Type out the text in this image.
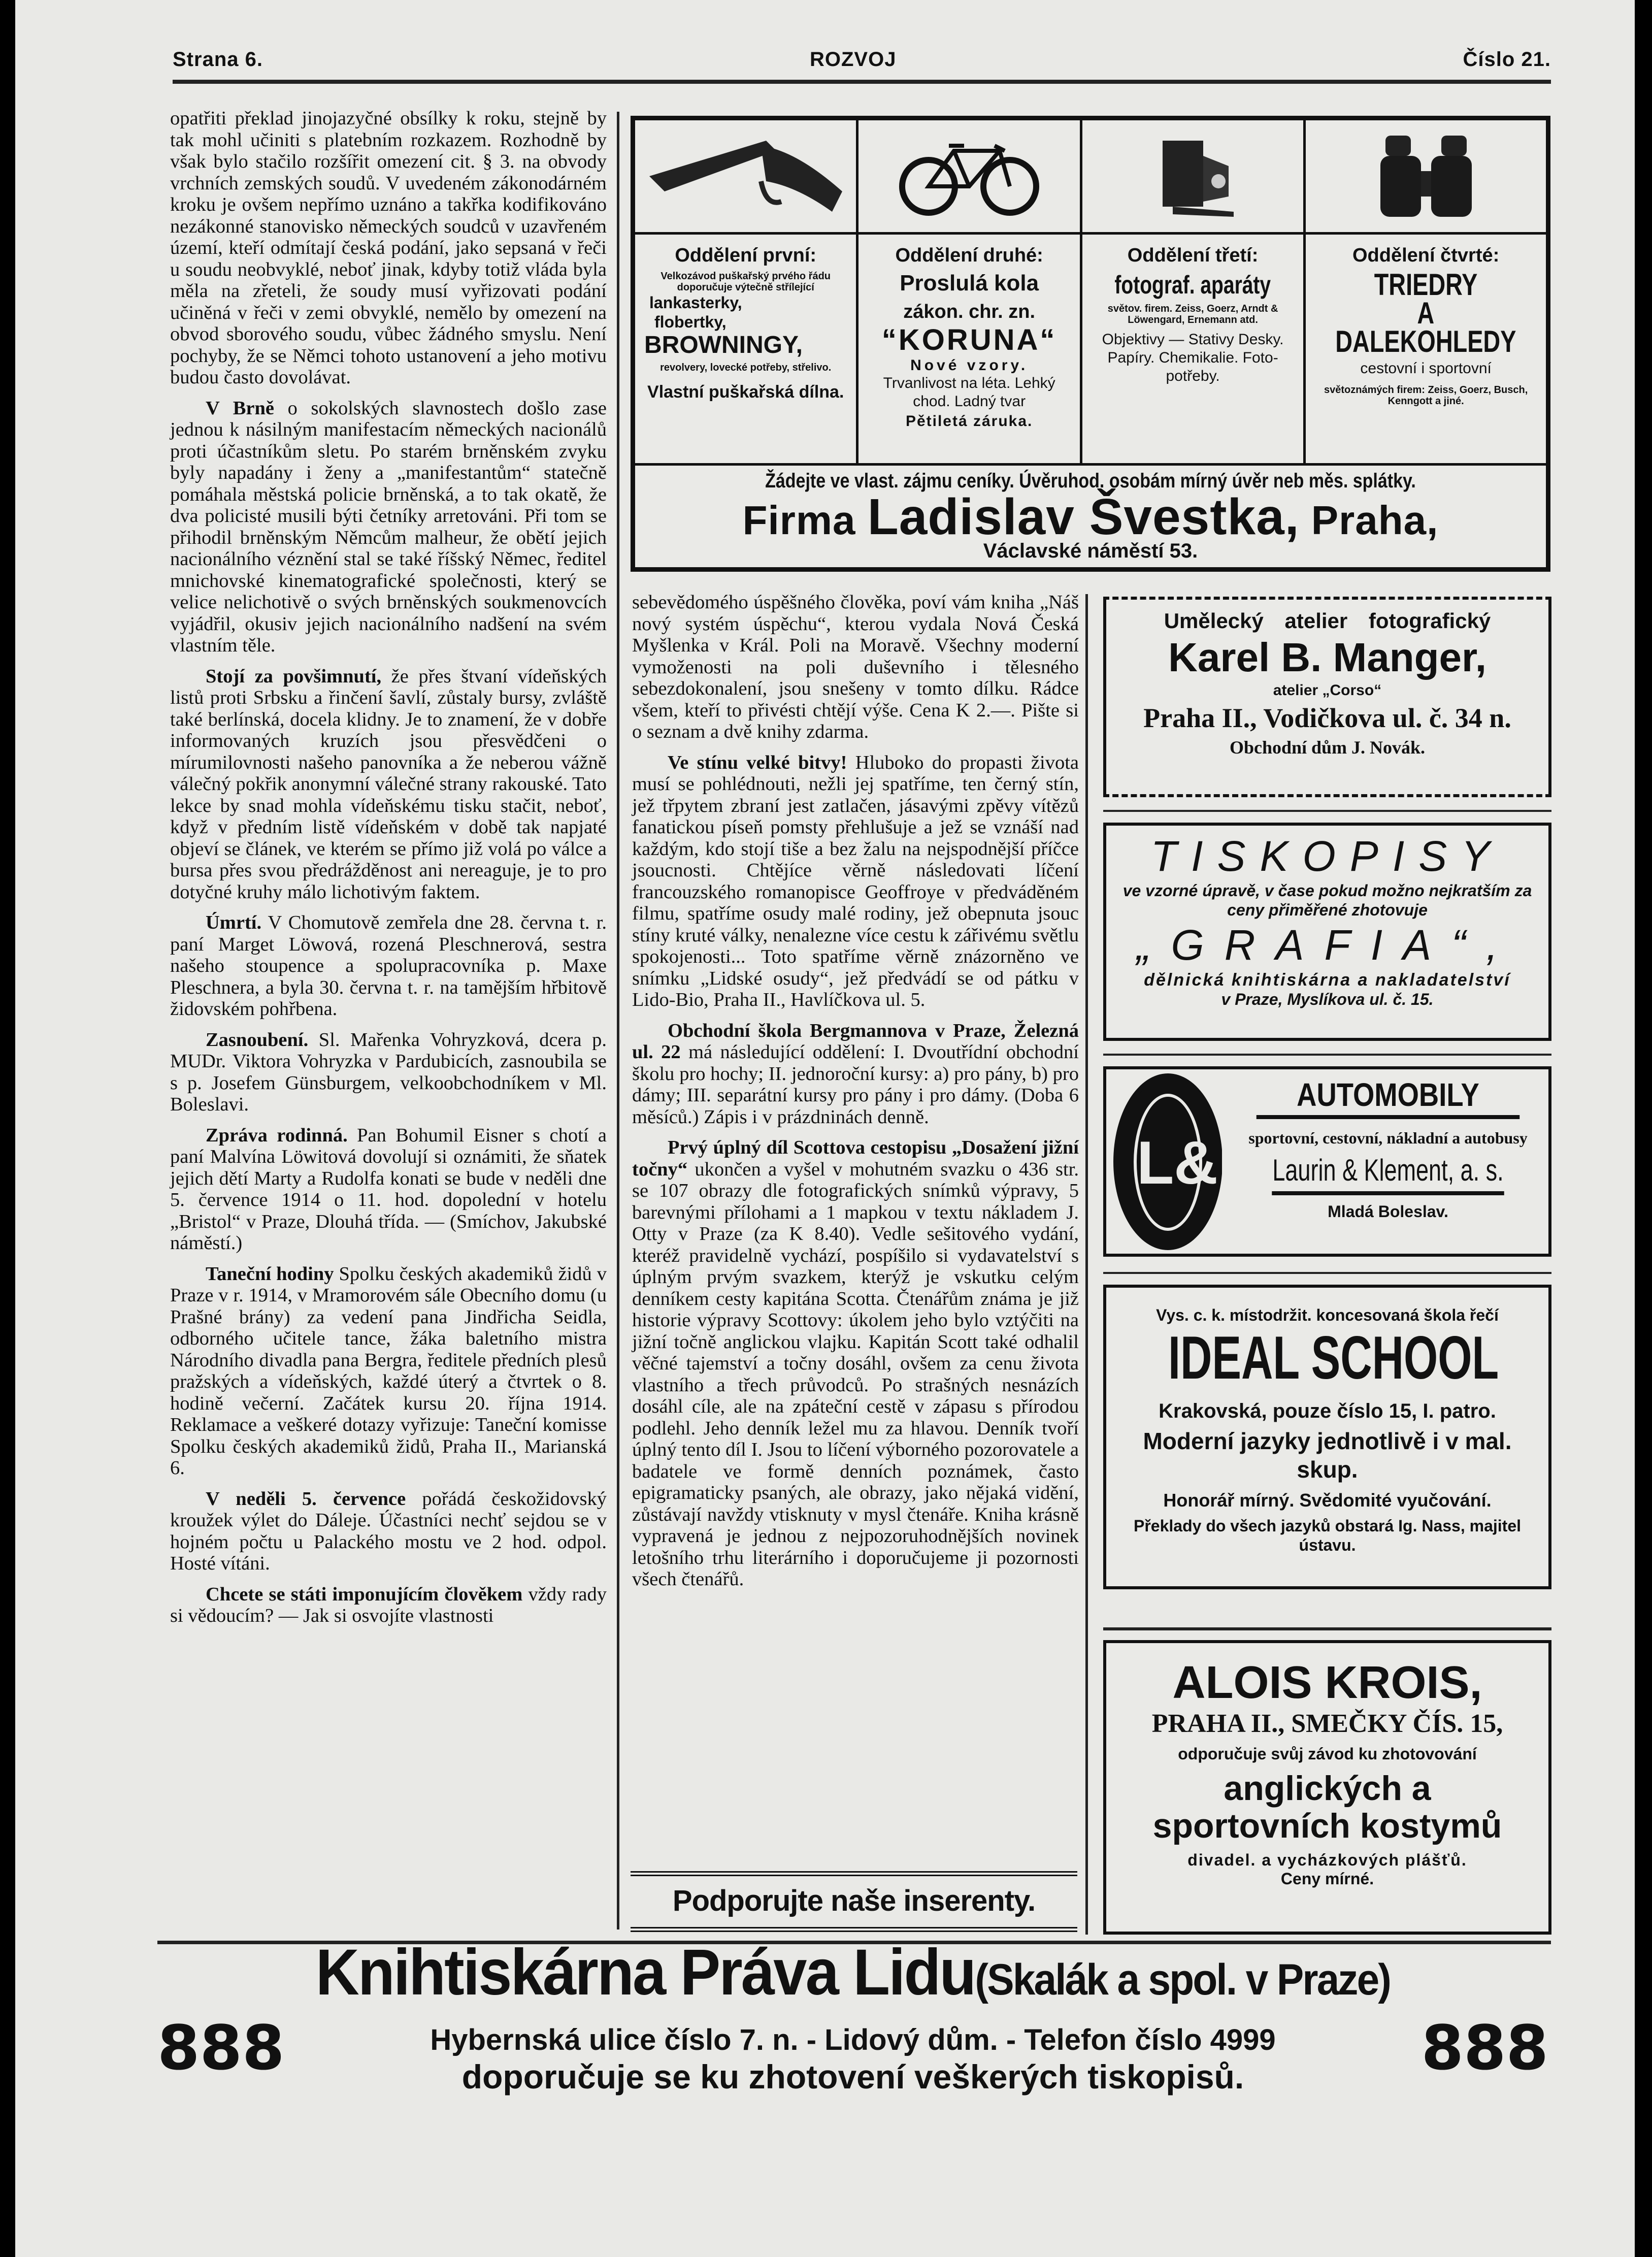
Strana 6.	ROZVOJ	Číslo 21.

opatřiti překlad jinojazyčné obsílky k roku, stejně by tak mohl učiniti s platebním rozkazem. Rozhodně by však bylo stačilo rozšířit omezení cit. § 3. na obvody vrchních zemských soudů. V uvedeném zákonodárném kroku je ovšem nepřímo uznáno a takřka kodifikováno nezákonné stanovisko německých soudců v uzavřeném území, kteří odmítají česká podání, jako sepsaná v řeči u soudu neobvyklé, neboť jinak, kdyby totiž vláda byla měla na zřeteli, že soudy musí vyřizovati podání učiněná v řeči v zemi obvyklé, nemělo by omezení na obvod sborového soudu, vůbec žádného smyslu. Není pochyby, že se Němci tohoto ustanovení a jeho motivu budou často dovolávat.

V Brně o sokolských slavnostech došlo zase jednou k násilným manifestacím německých nacionálů proti účastníkům sletu. Po starém brněnském zvyku byly napadány i ženy a „manifestantům“ statečně pomáhala městská policie brněnská, a to tak okatě, že dva policisté musili býti četníky arretováni. Při tom se přihodil brněnským Němcům malheur, že obětí jejich nacionálního véznění stal se také říšský Němec, ředitel mnichovské kinematografické společnosti, který se velice nelichotivě o svých brněnských soukmenovcích vyjádřil, okusiv jejich nacionálního nadšení na svém vlastním těle.

Stojí za povšimnutí, že přes štvaní vídeňských listů proti Srbsku a řinčení šavlí, zůstaly bursy, zvláště také berlínská, docela klidny. Je to znamení, že v dobře informovaných kruzích jsou přesvědčeni o mírumilovnosti našeho panovníka a že neberou vážně válečný pokřik anonymní válečné strany rakouské. Tato lekce by snad mohla vídeňskému tisku stačit, neboť, když v předním listě vídeňském v době tak napjaté objeví se článek, ve kterém se přímo již volá po válce a bursa přes svou předrážděnost ani nereaguje, je to pro dotyčné kruhy málo lichotivým faktem.

Úmrtí. V Chomutově zemřela dne 28. června t. r. paní Marget Löwová, rozená Pleschnerová, sestra našeho stoupence a spolupracovníka p. Maxe Pleschnera, a byla 30. června t. r. na tamějším hřbitově židovském pohřbena.

Zasnoubení. Sl. Mařenka Vohryzková, dcera p. MUDr. Viktora Vohryzka v Pardubicích, zasnoubila se s p. Josefem Günsburgem, velkoobchodníkem v Ml. Boleslavi.

Zpráva rodinná. Pan Bohumil Eisner s chotí a paní Malvína Löwitová dovolují si oznámiti, že sňatek jejich dětí Marty a Rudolfa konati se bude v neděli dne 5. července 1914 o 11. hod. dopolední v hotelu „Bristol“ v Praze, Dlouhá třída. — (Smíchov, Jakubské náměstí.)

Taneční hodiny Spolku českých akademiků židů v Praze v r. 1914, v Mramorovém sále Obecního domu (u Prašné brány) za vedení pana Jindřicha Seidla, odborného učitele tance, žáka baletního mistra Národního divadla pana Bergra, ředitele předních plesů pražských a vídeňských, každé úterý a čtvrtek o 8. hodině večerní. Začátek kursu 20. října 1914. Reklamace a veškeré dotazy vyřizuje: Taneční komisse Spolku českých akademiků židů, Praha II., Marianská 6.

V neděli 5. července pořádá českožidovský kroužek výlet do Dáleje. Účastníci nechť sejdou se v hojném počtu u Palackého mostu ve 2 hod. odpol. Hosté vítáni.

Chcete se státi imponujícím člověkem vždy rady si vědoucím? — Jak si osvojíte vlastnosti

Oddělení první:
Velkozávod puškařský prvého řádu doporučuje výtečně střílející
lankasterky,
flobertky,
BROWNINGY,
revolvery, lovecké potřeby, střelivo.
Vlastní puškařská dílna.
Oddělení druhé:
Proslulá kola
zákon. chr. zn.
“KORUNA“
Nové vzory.
Trvanlivost na léta. Lehký chod. Ladný tvar
Pětiletá záruka.
Oddělení třetí:
fotograf. aparáty
světov. firem. Zeiss, Goerz, Arndt & Löwengard, Ernemann atd.
Objektivy — Stativy Desky. Papíry. Chemikalie. Foto-potřeby.
Oddělení čtvrté:
TRIEDRY
A DALEKOHLEDY
cestovní i sportovní
světoznámých firem: Zeiss, Goerz, Busch, Kenngott a jiné.
Žádejte ve vlast. zájmu ceníky. Úvěruhod. osobám mírný úvěr neb měs. splátky.
Firma Ladislav Švestka, Praha,
Václavské náměstí 53.

sebevědomého úspěšného člověka, poví vám kniha „Náš nový systém úspěchu“, kterou vydala Nová Česká Myšlenka v Král. Poli na Moravě. Všechny moderní vymoženosti na poli duševního i tělesného sebezdokonalení, jsou snešeny v tomto dílku. Rádce všem, kteří to přivésti chtějí výše. Cena K 2.—. Pište si o seznam a dvě knihy zdarma.

Ve stínu velké bitvy! Hluboko do propasti života musí se pohlédnouti, nežli jej spatříme, ten černý stín, jež třpytem zbraní jest zatlačen, jásavými zpěvy vítězů fanatickou píseň pomsty přehlušuje a jež se vznáší nad každým, kdo stojí tiše a bez žalu na nejspodnější příčce jsoucnosti. Chtějíce věrně následovati líčení francouzského romanopisce Geoffroye v předváděném filmu, spatříme osudy malé rodiny, jež obepnuta jsouc stíny kruté války, nenalezne více cestu k zářivému světlu spokojenosti... Toto spatříme věrně znázorněno ve snímku „Lidské osudy“, jež předvádí se od pátku v Lido-Bio, Praha II., Havlíčkova ul. 5.

Obchodní škola Bergmannova v Praze, Železná ul. 22 má následující oddělení: I. Dvoutřídní obchodní školu pro hochy; II. jednoroční kursy: a) pro pány, b) pro dámy; III. separátní kursy pro pány i pro dámy. (Doba 6 měsíců.) Zápis i v prázdninách denně.

Prvý úplný díl Scottova cestopisu „Dosažení jižní točny“ ukončen a vyšel v mohutném svazku o 436 str. se 107 obrazy dle fotografických snímků výpravy, 5 barevnými přílohami a 1 mapkou v textu nákladem J. Otty v Praze (za K 8.40). Vedle sešitového vydání, kteréž pravidelně vychází, pospíšilo si vydavatelství s úplným prvým svazkem, kterýž je vskutku celým denníkem cesty kapitána Scotta. Čtenářům známa je již historie výpravy Scottovy: úkolem jeho bylo vztýčiti na jižní točně anglickou vlajku. Kapitán Scott také odhalil věčné tajemství a točny dosáhl, ovšem za cenu života vlastního a třech průvodců. Po strašných nesnázích dosáhl cíle, ale na zpáteční cestě v zápasu s přírodou podlehl. Jeho denník ležel mu za hlavou. Denník tvoří úplný tento díl I. Jsou to líčení výborného pozorovatele a badatele ve formě denních poznámek, často epigramaticky psaných, ale obrazy, jako nějaká vidění, zůstávají navždy vtisknuty v mysl čtenáře. Kniha krásně vypravená je jednou z nejpozoruhodnějších novinek letošního trhu literárního i doporučujeme ji pozornosti všech čtenářů.

Podporujte naše inserenty.
Umělecký atelier fotografický
Karel B. Manger,
atelier „Corso“
Praha II., Vodičkova ul. č. 34 n.
Obchodní dům J. Novák.
TISKOPISY
ve vzorné úpravě, v čase pokud možno nejkratším za ceny přiměřené zhotovuje
„GRAFIA“,
dělnická knihtiskárna a nakladatelství
v Praze, Myslíkova ul. č. 15.
L&K
AUTOMOBILY
sportovní, cestovní, nákladní a autobusy
Laurin & Klement, a. s.
Mladá Boleslav.
Vys. c. k. místodržit. koncesovaná škola řečí
IDEAL SCHOOL
Krakovská, pouze číslo 15, I. patro.
Moderní jazyky jednotlivě i v mal. skup.
Honorář mírný. Svědomité vyučování.
Překlady do všech jazyků obstará Ig. Nass, majitel ústavu.
ALOIS KROIS,
PRAHA II., SMEČKY ČÍS. 15,
odporučuje svůj závod ku zhotovování
anglických a sportovních kostymů
divadel. a vycházkových plášťů.
Ceny mírné.
Knihtiskárna Práva Lidu(Skalák a spol. v Praze)
888	888
Hybernská ulice číslo 7. n. - Lidový dům. - Telefon číslo 4999
doporučuje se ku zhotovení veškerých tiskopisů.
